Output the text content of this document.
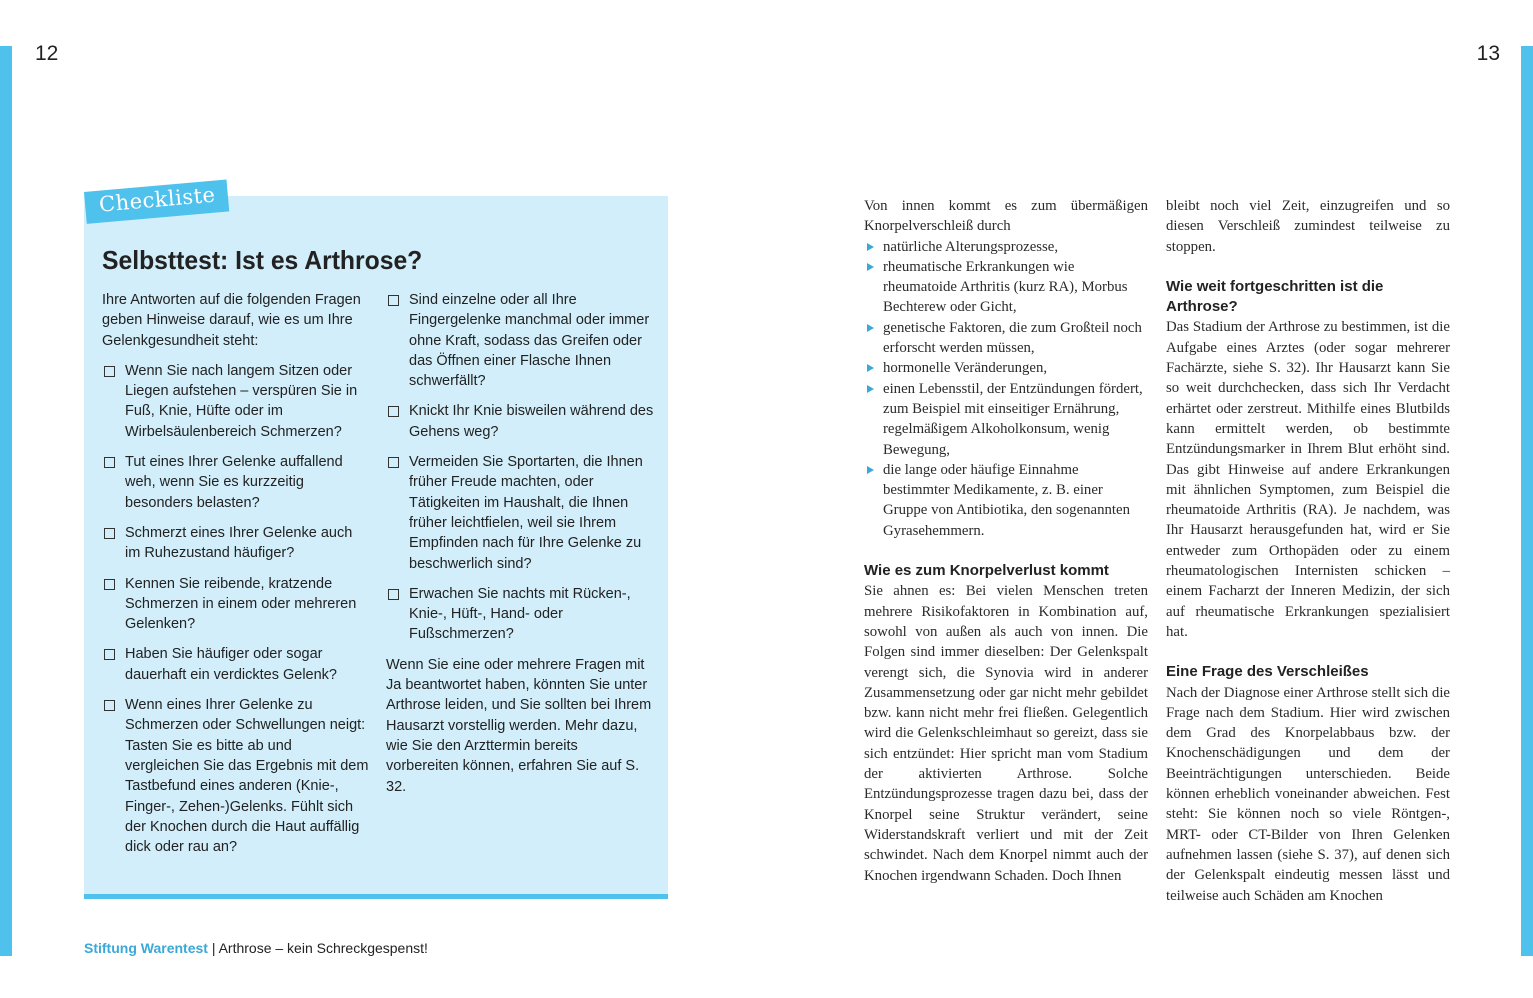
12	13
Checkliste
Selbsttest: Ist es Arthrose?

Ihre Antworten auf die folgenden Fragen geben Hinweise darauf, wie es um Ihre Gelenkgesundheit steht:

Wenn Sie nach langem Sitzen oder Liegen aufstehen – verspüren Sie in Fuß, Knie, Hüfte oder im Wirbelsäulenbereich Schmerzen?
Tut eines Ihrer Gelenke auffallend weh, wenn Sie es kurzzeitig besonders belasten?
Schmerzt eines Ihrer Gelenke auch im Ruhezustand häufiger?
Kennen Sie reibende, kratzende Schmerzen in einem oder mehreren Gelenken?
Haben Sie häufiger oder sogar dauerhaft ein verdicktes Gelenk?
Wenn eines Ihrer Gelenke zu Schmerzen oder Schwellungen neigt: Tasten Sie es bitte ab und vergleichen Sie das Ergebnis mit dem Tastbefund eines anderen (Knie-, Finger-, Zehen-)Gelenks. Fühlt sich der Knochen durch die Haut auffällig dick oder rau an?
Sind einzelne oder all Ihre Fingergelenke manchmal oder immer ohne Kraft, sodass das Greifen oder das Öffnen einer Flasche Ihnen schwerfällt?
Knickt Ihr Knie bisweilen während des Gehens weg?
Vermeiden Sie Sportarten, die Ihnen früher Freude machten, oder Tätigkeiten im Haushalt, die Ihnen früher leichtfielen, weil sie Ihrem Empfinden nach für Ihre Gelenke zu beschwerlich sind?
Erwachen Sie nachts mit Rücken-, Knie-, Hüft-, Hand- oder Fußschmerzen?

Wenn Sie eine oder mehrere Fragen mit Ja beantwortet haben, könnten Sie unter Arthrose leiden, und Sie sollten bei Ihrem Hausarzt vorstellig werden. Mehr dazu, wie Sie den Arzttermin bereits vorbereiten können, erfahren Sie auf S. 32.

Stiftung Warentest | Arthrose – kein Schreckgespenst!

Von innen kommt es zum übermäßigen Knorpelverschleiß durch

natürliche Alterungsprozesse,
rheumatische Erkrankungen wie rheumatoide Arthritis (kurz RA), Morbus Bechterew oder Gicht,
genetische Faktoren, die zum Großteil noch erforscht werden müssen,
hormonelle Veränderungen,
einen Lebensstil, der Entzündungen fördert, zum Beispiel mit einseitiger Ernährung, regelmäßigem Alkoholkonsum, wenig Bewegung,
die lange oder häufige Einnahme bestimmter Medikamente, z. B. einer Gruppe von Antibiotika, den sogenannten Gyrasehemmern.
Wie es zum Knorpelverlust kommt

Sie ahnen es: Bei vielen Menschen treten mehrere Risikofaktoren in Kombination auf, sowohl von außen als auch von innen. Die Folgen sind immer dieselben: Der Gelenkspalt verengt sich, die Synovia wird in anderer Zusammensetzung oder gar nicht mehr gebildet bzw. kann nicht mehr frei fließen. Gelegentlich wird die Gelenkschleimhaut so gereizt, dass sie sich entzündet: Hier spricht man vom Stadium der aktivierten Arthrose. Solche Entzündungsprozesse tragen dazu bei, dass der Knorpel seine Struktur verändert, seine Widerstandskraft verliert und mit der Zeit schwindet. Nach dem Knorpel nimmt auch der Knochen irgendwann Schaden. Doch Ihnen

bleibt noch viel Zeit, einzugreifen und so diesen Verschleiß zumindest teilweise zu stoppen.

Wie weit fortgeschritten ist die Arthrose?

Das Stadium der Arthrose zu bestimmen, ist die Aufgabe eines Arztes (oder sogar mehrerer Fachärzte, siehe S. 32). Ihr Hausarzt kann Sie so weit durchchecken, dass sich Ihr Verdacht erhärtet oder zerstreut. Mithilfe eines Blutbilds kann ermittelt werden, ob bestimmte Entzündungsmarker in Ihrem Blut erhöht sind. Das gibt Hinweise auf andere Erkrankungen mit ähnlichen Symptomen, zum Beispiel die rheumatoide Arthritis (RA). Je nachdem, was Ihr Hausarzt herausgefunden hat, wird er Sie entweder zum Orthopäden oder zu einem rheumatologischen Internisten schicken – einem Facharzt der Inneren Medizin, der sich auf rheumatische Erkrankungen spezialisiert hat.

Eine Frage des Verschleißes

Nach der Diagnose einer Arthrose stellt sich die Frage nach dem Stadium. Hier wird zwischen dem Grad des Knorpelabbaus bzw. der Knochenschädigungen und dem der Beeinträchtigungen unterschieden. Beide können erheblich voneinander abweichen. Fest steht: Sie können noch so viele Röntgen-, MRT- oder CT-Bilder von Ihren Gelenken aufnehmen lassen (siehe S. 37), auf denen sich der Gelenkspalt eindeutig messen lässt und teilweise auch Schäden am Knochen
